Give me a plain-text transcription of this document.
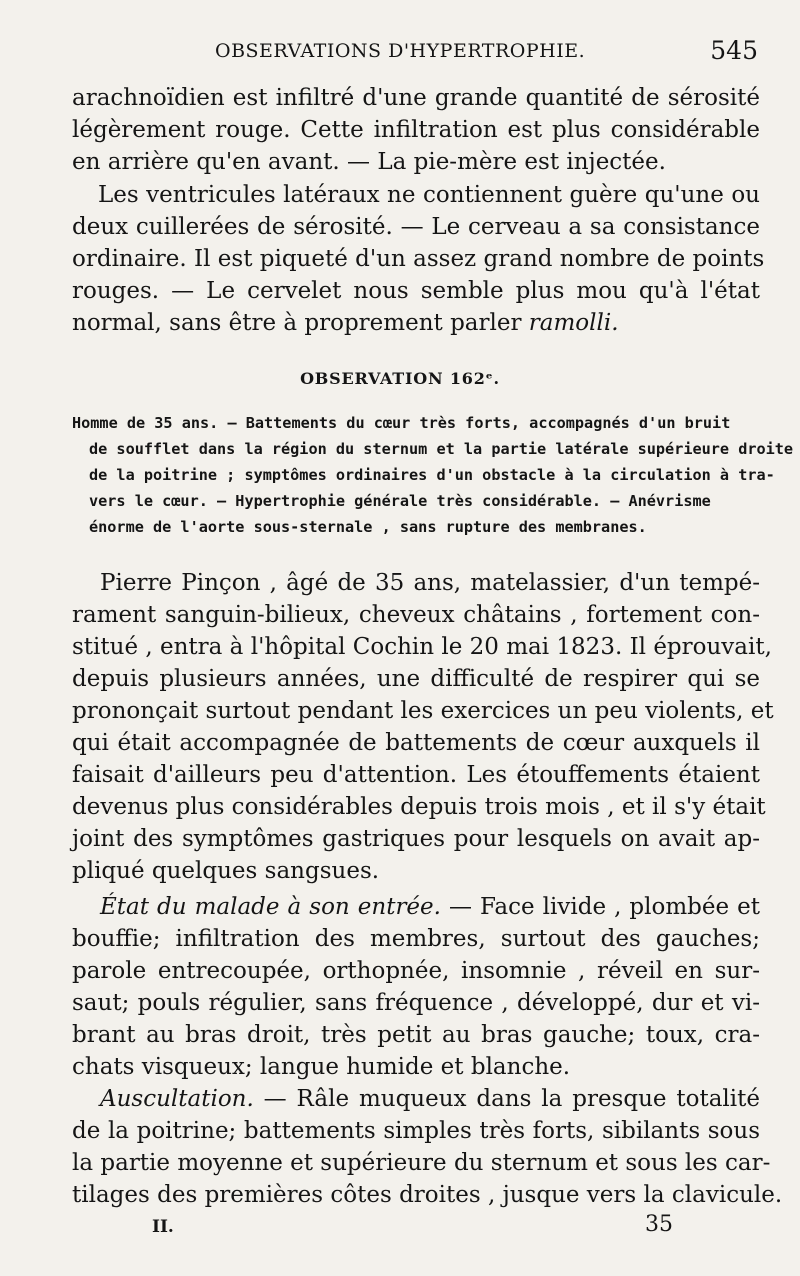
OBSERVATIONS D'HYPERTROPHIE.	545
arachnoïdien est infiltré d'une grande quantité de sérosité
légèrement rouge. Cette infiltration est plus considérable
en arrière qu'en avant. — La pie-mère est injectée.
Les ventricules latéraux ne contiennent guère qu'une ou
deux cuillerées de sérosité. — Le cerveau a sa consistance
ordinaire. Il est piqueté d'un assez grand nombre de points
rouges. — Le cervelet nous semble plus mou qu'à l'état
normal, sans être à proprement parler ramolli.
OBSERVATION 162ᵉ.
Homme de 35 ans. — Battements du cœur très forts, accompagnés d'un bruit
de soufflet dans la région du sternum et la partie latérale supérieure droite
de la poitrine ; symptômes ordinaires d'un obstacle à la circulation à tra-
vers le cœur. — Hypertrophie générale très considérable. — Anévrisme
énorme de l'aorte sous-sternale , sans rupture des membranes.
Pierre Pinçon , âgé de 35 ans, matelassier, d'un tempé-
rament sanguin-bilieux, cheveux châtains , fortement con-
stitué , entra à l'hôpital Cochin le 20 mai 1823. Il éprouvait,
depuis plusieurs années, une difficulté de respirer qui se
prononçait surtout pendant les exercices un peu violents, et
qui était accompagnée de battements de cœur auxquels il
faisait d'ailleurs peu d'attention. Les étouffements étaient
devenus plus considérables depuis trois mois , et il s'y était
joint des symptômes gastriques pour lesquels on avait ap-
pliqué quelques sangsues.
État du malade à son entrée. — Face livide , plombée et
bouffie; infiltration des membres, surtout des gauches;
parole entrecoupée, orthopnée, insomnie , réveil en sur-
saut; pouls régulier, sans fréquence , développé, dur et vi-
brant au bras droit, très petit au bras gauche; toux, cra-
chats visqueux; langue humide et blanche.
Auscultation. — Râle muqueux dans la presque totalité
de la poitrine; battements simples très forts, sibilants sous
la partie moyenne et supérieure du sternum et sous les car-
tilages des premières côtes droites , jusque vers la clavicule.
II.	35
